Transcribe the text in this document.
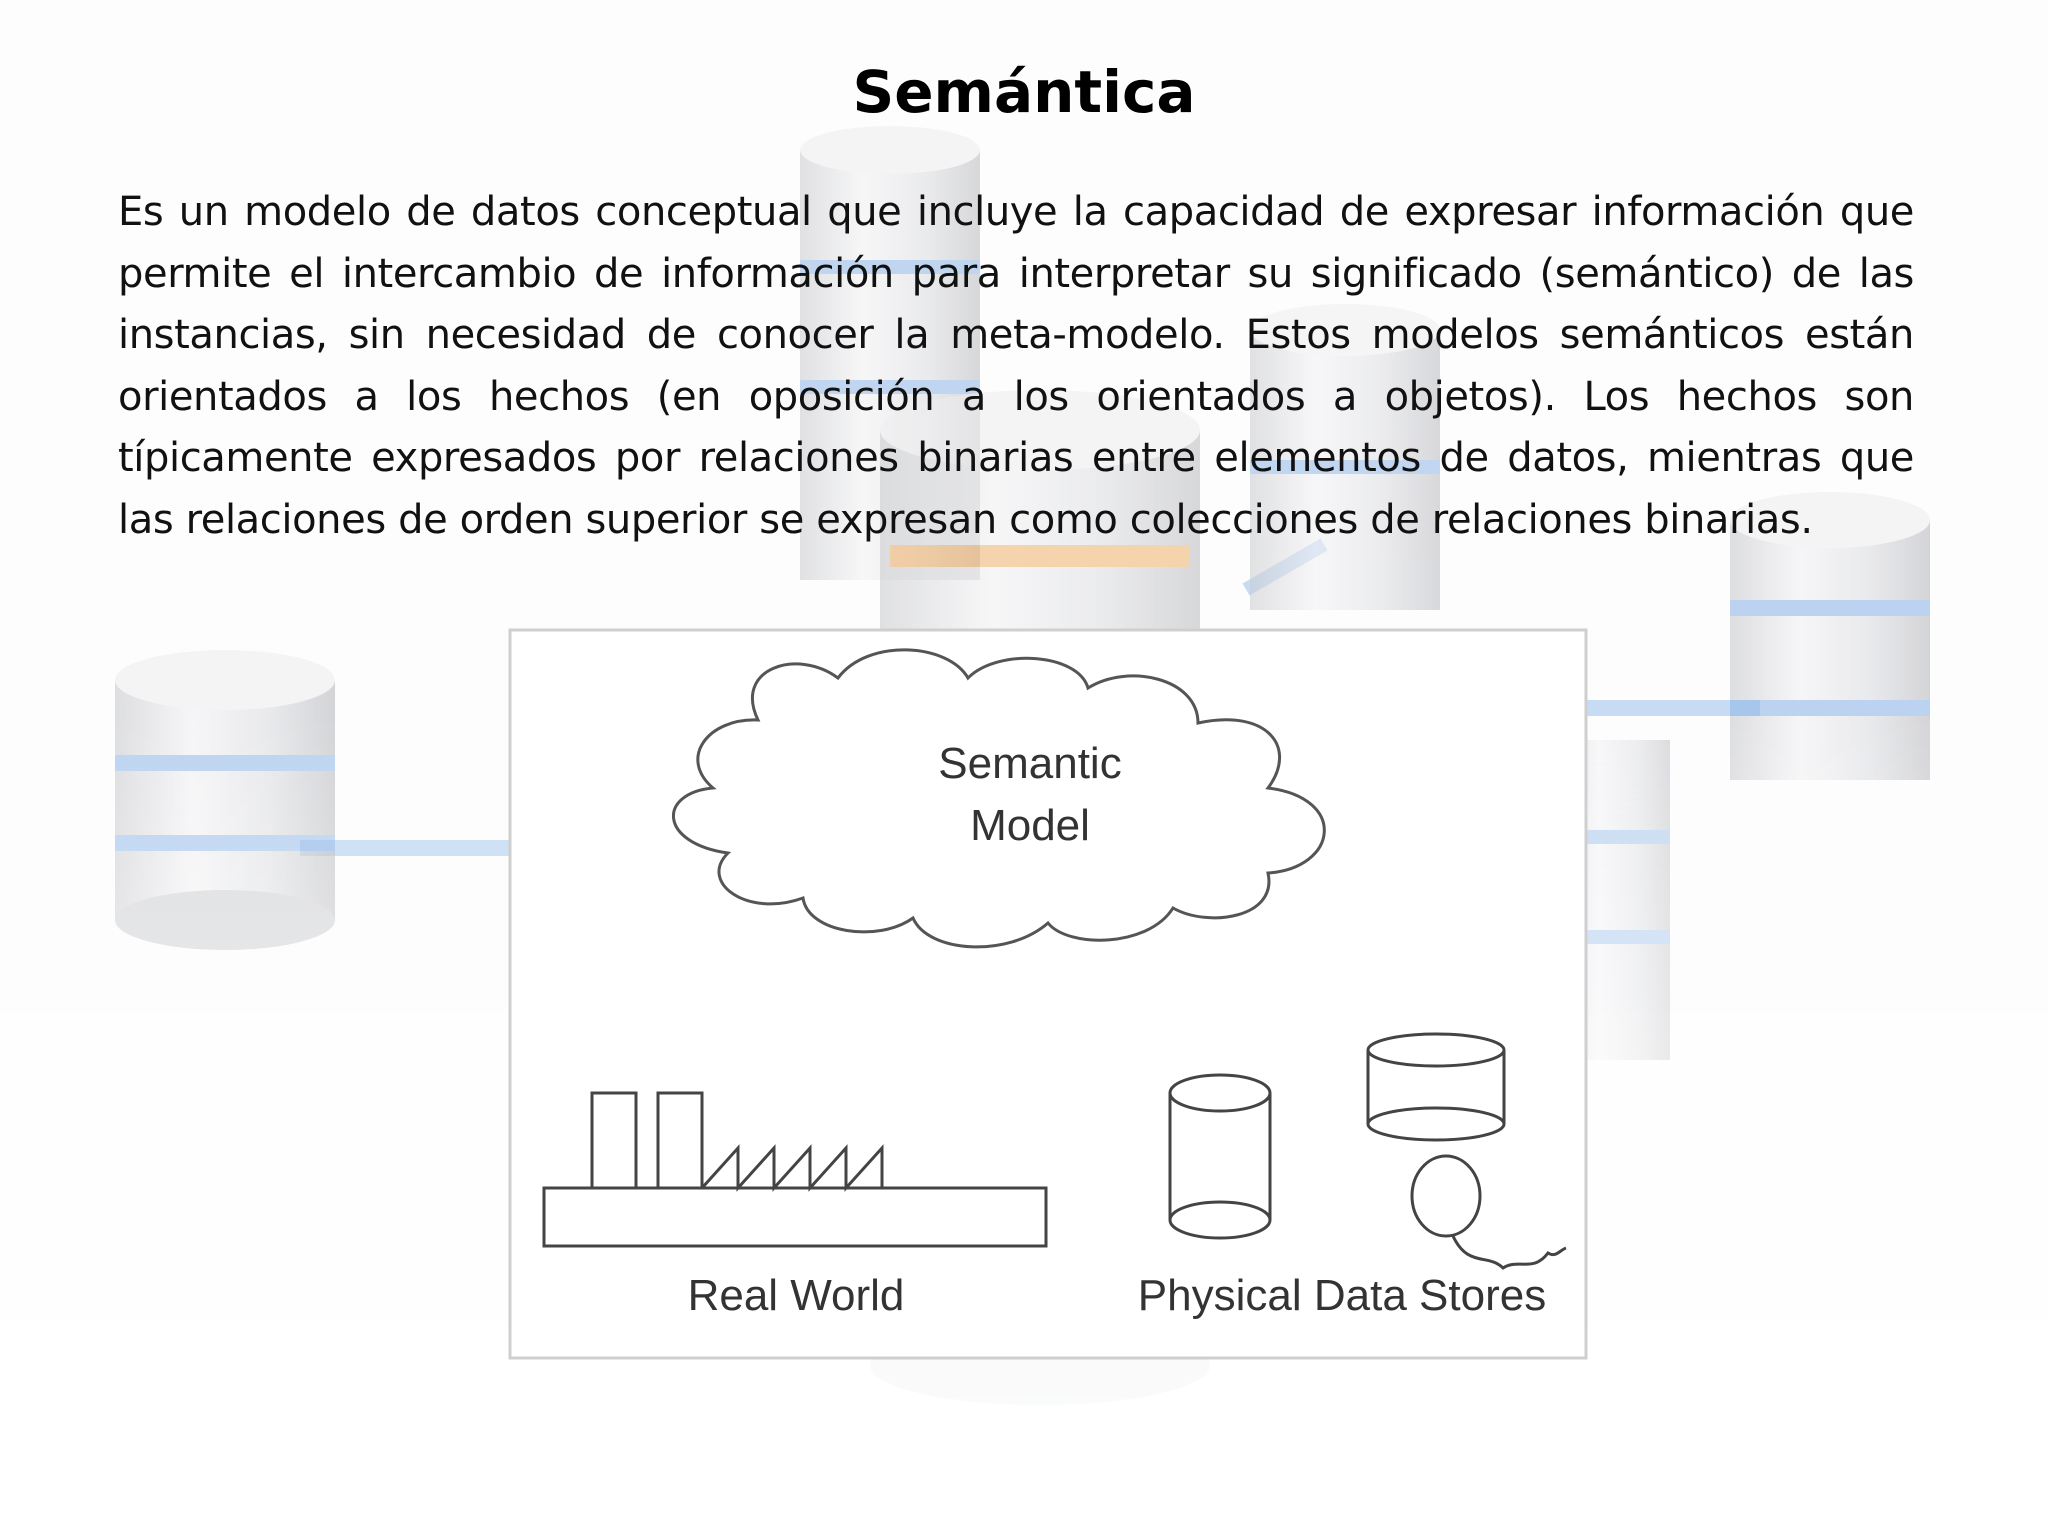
Semántica
Es un modelo de datos conceptual que incluye la capacidad de expresar información que permite el intercambio de información para interpretar su significado (semántico) de las instancias, sin necesidad de conocer la meta-modelo. Estos modelos semánticos están orientados a los hechos (en oposición a los orientados a objetos). Los hechos son típicamente expresados por relaciones binarias entre elementos de datos, mientras que las relaciones de orden superior se expresan como colecciones de relaciones binarias.
Semantic
Model
Real World	Physical Data Stores
